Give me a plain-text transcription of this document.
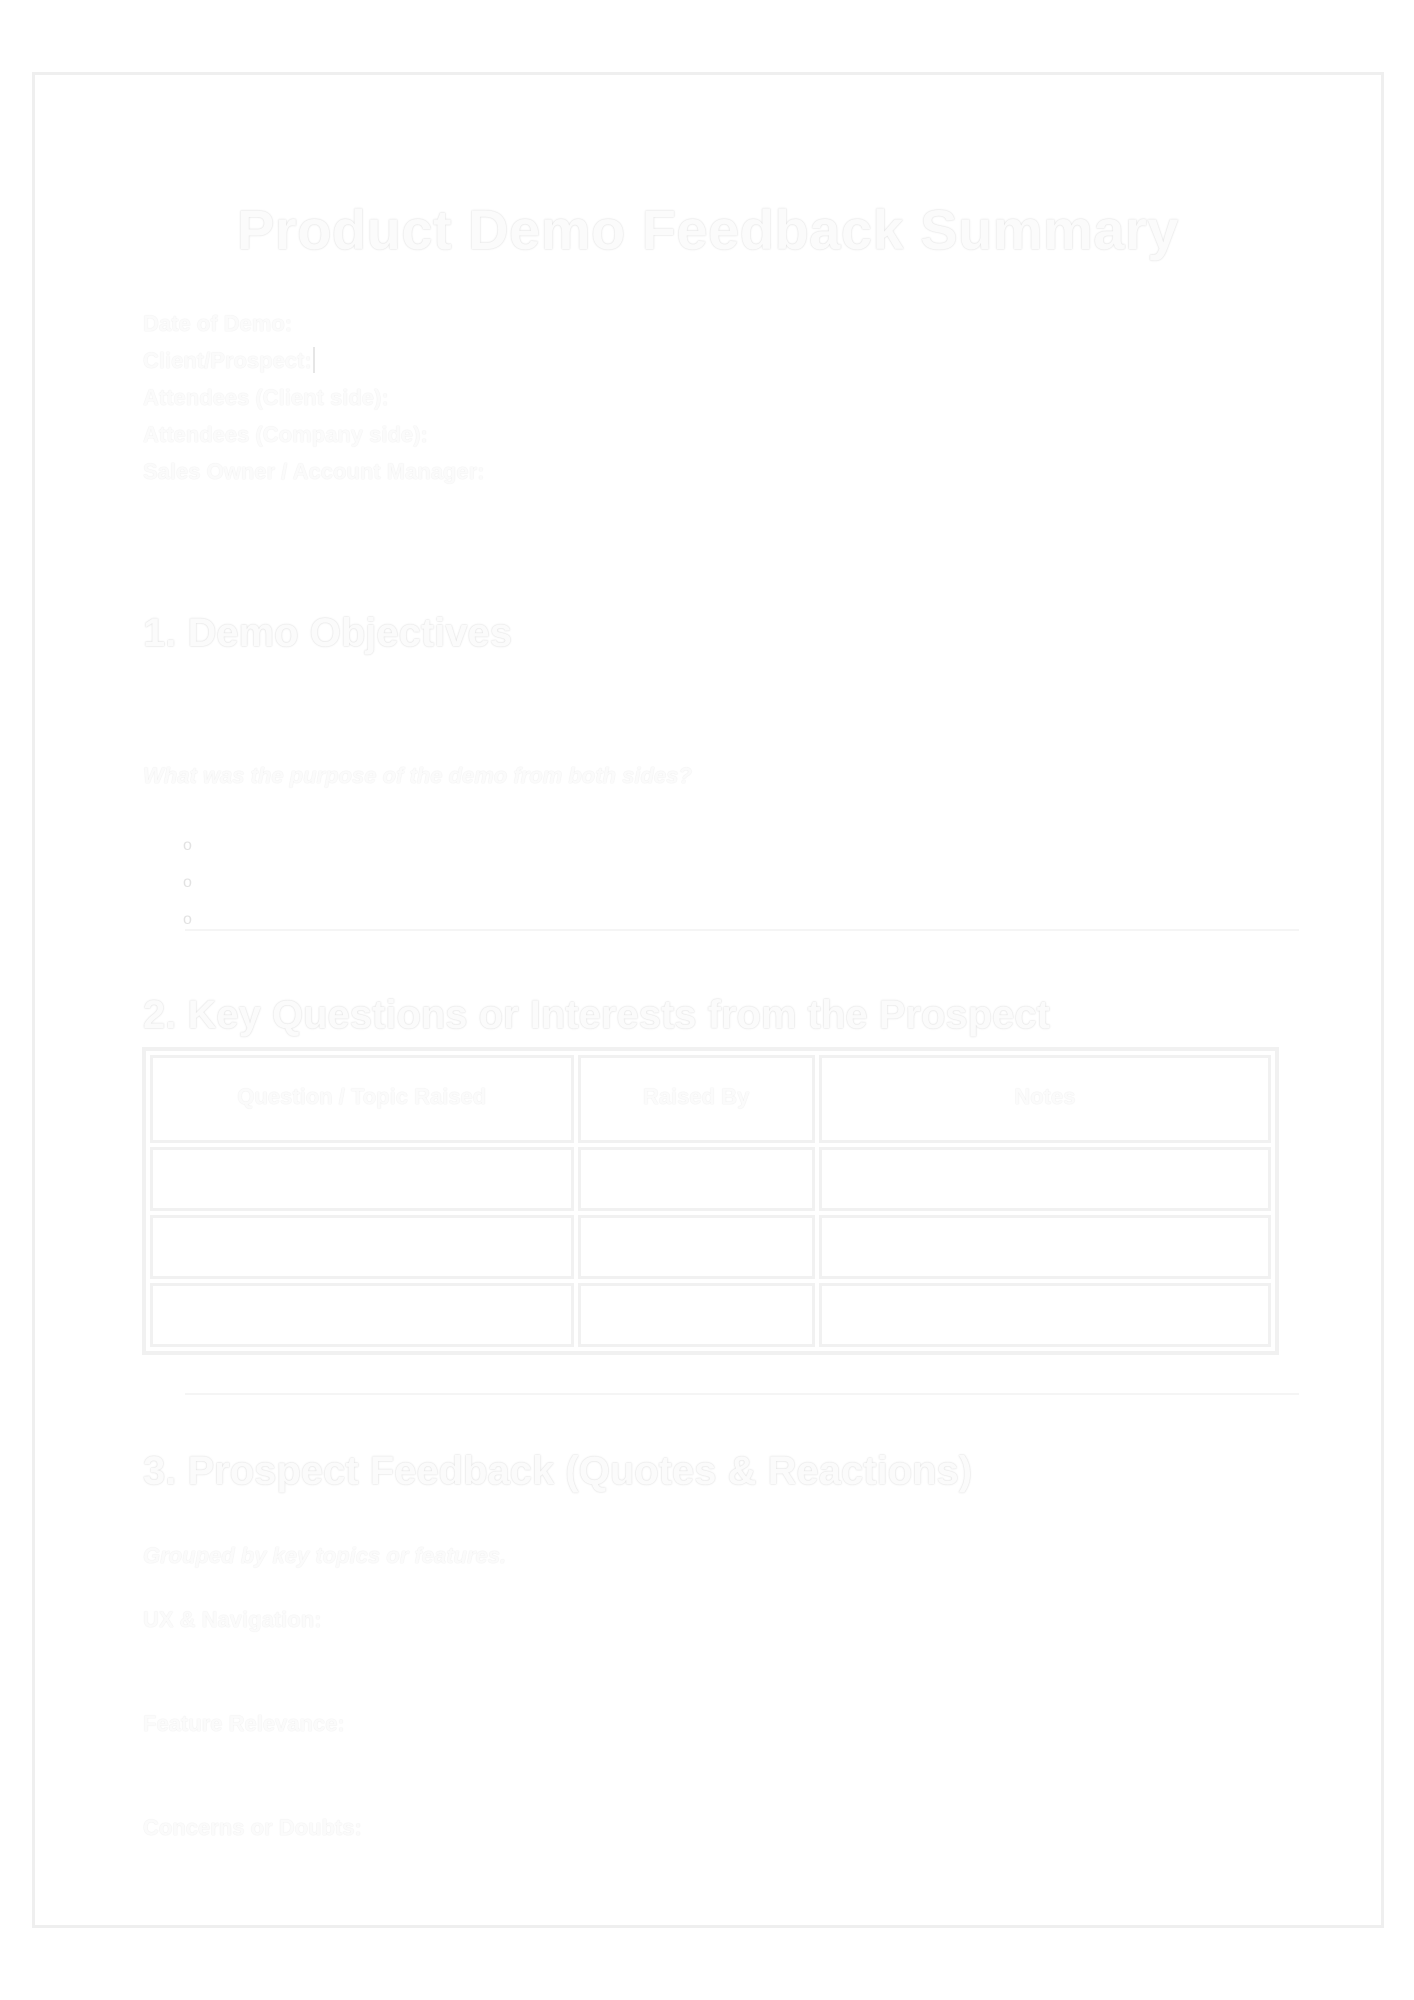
Product Demo Feedback Summary
Date of Demo:
Client/Prospect:
Attendees (Client side):
Attendees (Company side):
Sales Owner / Account Manager:
1. Demo Objectives
What was the purpose of the demo from both sides?
o
o
o
2. Key Questions or Interests from the Prospect
Question / Topic Raised	Raised By	Notes

3. Prospect Feedback (Quotes & Reactions)
Grouped by key topics or features.
UX & Navigation:
Feature Relevance:
Concerns or Doubts:
